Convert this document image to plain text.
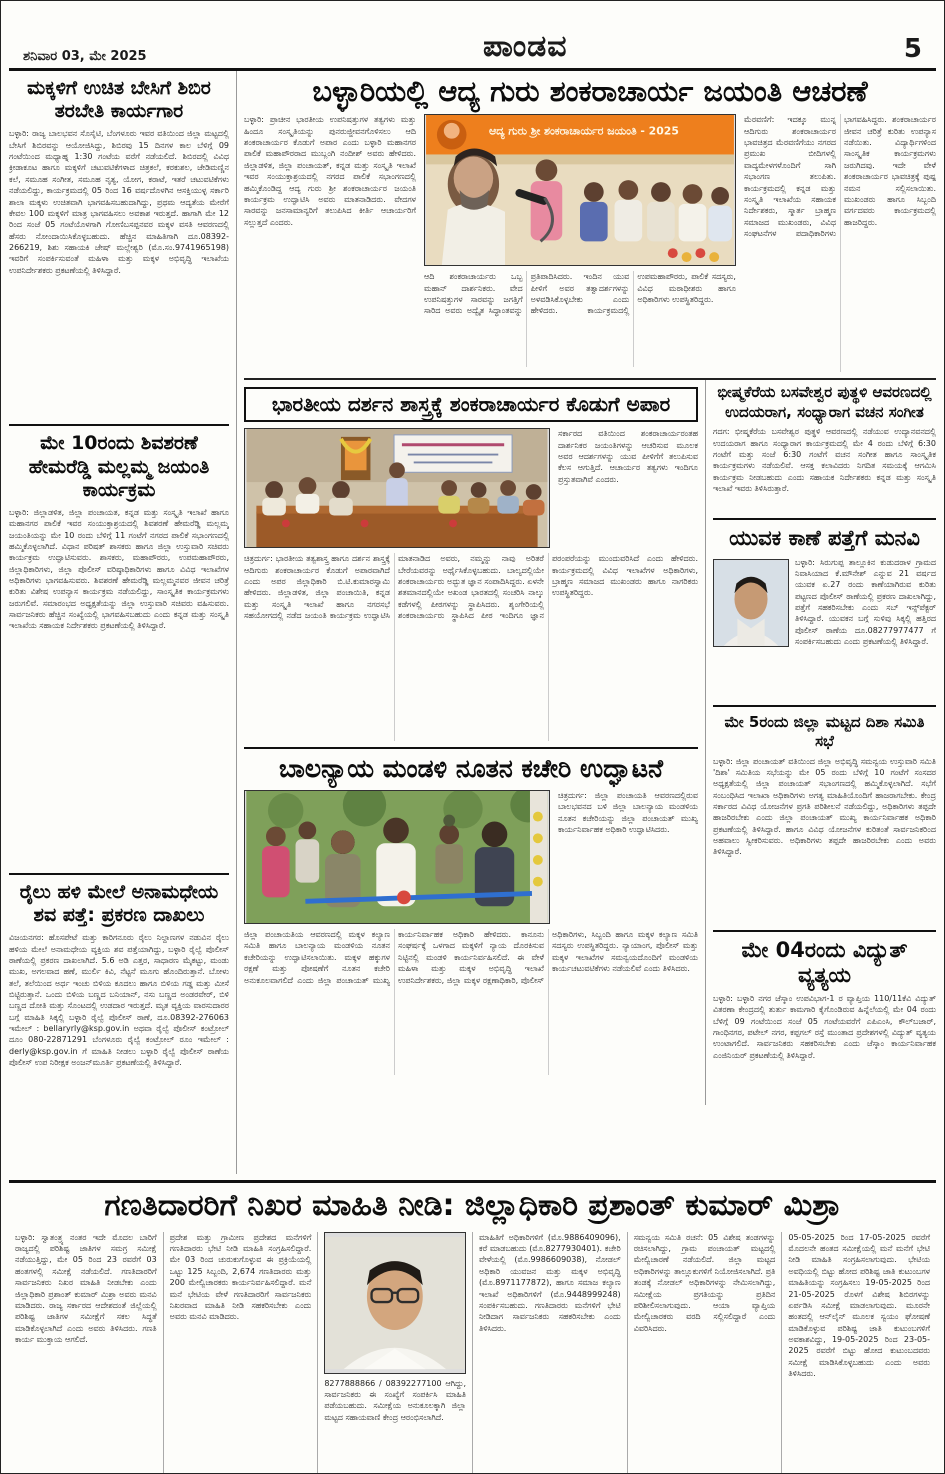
ಶನಿವಾರ 03, ಮೇ 2025	ಪಾಂಡವ	5
ಮಕ್ಕಳಿಗೆ ಉಚಿತ ಬೇಸಿಗೆ ಶಿಬಿರ ತರಬೇತಿ ಕಾರ್ಯಗಾರ
ಬಳ್ಳಾರಿ: ರಾಜ್ಯ ಬಾಲಭವನ ಸೊಸೈಟಿ, ಬೆಂಗಳೂರು ಇವರ ವತಿಯಿಂದ ಜಿಲ್ಲಾ ಮಟ್ಟದಲ್ಲಿ ಬೇಸಿಗೆ ಶಿಬಿರವನ್ನು ಆಯೋಜಿಸಿದ್ದು, ಶಿಬಿರವು 15 ದಿನಗಳ ಕಾಲ ಬೆಳಿಗ್ಗೆ 09 ಗಂಟೆಯಿಂದ ಮಧ್ಯಾಹ್ನ 1:30 ಗಂಟೆಯ ವರೆಗೆ ನಡೆಯಲಿದೆ. ಶಿಬಿರದಲ್ಲಿ ವಿವಿಧ ಕ್ರೀಡಾಕೂಟ ಹಾಗೂ ಮಕ್ಕಳಿಗೆ ಚಟುವಟಿಕೆಗಳಾದ ಚಿತ್ರಕಲೆ, ಕರಕುಶಲ, ಜೇಡಿಮಣ್ಣಿನ ಕಲೆ, ಸಮೂಹ ಸಂಗೀತ, ಸಮೂಹ ನೃತ್ಯ, ಯೋಗ, ಕರಾಟೆ, ಇತರೆ ಚಟುವಟಿಕೆಗಳು ನಡೆಯಲಿದ್ದು, ಕಾರ್ಯಕ್ರಮದಲ್ಲಿ 05 ರಿಂದ 16 ವರ್ಷದೊಳಗಿನ ಆಸಕ್ತಿಯುಳ್ಳ ಸರ್ಕಾರಿ ಶಾಲಾ ಮಕ್ಕಳು ಉಚಿತವಾಗಿ ಭಾಗವಹಿಸಬಹುದಾಗಿದ್ದು, ಪ್ರಥಮ ಆದ್ಯತೆಯ ಮೇರೆಗೆ ಕೇವಲ 100 ಮಕ್ಕಳಿಗೆ ಮಾತ್ರ ಭಾಗವಹಿಸಲು ಅವಕಾಶ ಇರುತ್ತದೆ. ಹಾಗಾಗಿ ಮೇ 12 ರಿಂದ ಸಂಜೆ 05 ಗಂಟೆಯೊಳಗಾಗಿ ಗೋಣಿಬಸಪ್ಪನವರ ಮಕ್ಕಳ ವಸತಿ ಆವರಣದಲ್ಲಿ ಹೆಸರು ನೋಂದಾಯಿಸಿಕೊಳ್ಳಬಹುದು. ಹೆಚ್ಚಿನ ಮಾಹಿತಿಗಾಗಿ ದೂ.08392-266219, ಶಿಶು ಸಹಾಯಕಿ ಜೇಷ್ ಮಲ್ಲೇಶ್ವರಿ (ಮೊ.ಸಂ.9741965198) ಇವರಿಗೆ ಸಂಪರ್ಕಿಸುವಂತೆ ಮಹಿಳಾ ಮತ್ತು ಮಕ್ಕಳ ಅಭಿವೃದ್ಧಿ ಇಲಾಖೆಯ ಉಪನಿರ್ದೇಶಕರು ಪ್ರಕಟಣೆಯಲ್ಲಿ ತಿಳಿಸಿದ್ದಾರೆ.
ಮೇ 10ರಂದು ಶಿವಶರಣೆ ಹೇಮರೆಡ್ಡಿ ಮಲ್ಲಮ್ಮ ಜಯಂತಿ ಕಾರ್ಯಕ್ರಮ
ಬಳ್ಳಾರಿ: ಜಿಲ್ಲಾಡಳಿತ, ಜಿಲ್ಲಾ ಪಂಚಾಯತ, ಕನ್ನಡ ಮತ್ತು ಸಂಸ್ಕೃತಿ ಇಲಾಖೆ ಹಾಗೂ ಮಹಾನಗರ ಪಾಲಿಕೆ ಇವರ ಸಂಯುಕ್ತಾಶ್ರಯದಲ್ಲಿ ಶಿವಶರಣೆ ಹೇಮರೆಡ್ಡಿ ಮಲ್ಲಮ್ಮ ಜಯಂತಿಯನ್ನು ಮೇ 10 ರಂದು ಬೆಳಿಗ್ಗೆ 11 ಗಂಟೆಗೆ ನಗರದ ಪಾಲಿಕೆ ಸಭಾಂಗಣದಲ್ಲಿ ಹಮ್ಮಿಕೊಳ್ಳಲಾಗಿದೆ. ವಿಧಾನ ಪರಿಷತ್ ಶಾಸಕರು ಹಾಗೂ ಜಿಲ್ಲಾ ಉಸ್ತುವಾರಿ ಸಚಿವರು ಕಾರ್ಯಕ್ರಮ ಉದ್ಘಾಟಿಸುವರು. ಶಾಸಕರು, ಮಹಾಪೌರರು, ಉಪಮಹಾಪೌರರು, ಜಿಲ್ಲಾಧಿಕಾರಿಗಳು, ಜಿಲ್ಲಾ ಪೊಲೀಸ್ ವರಿಷ್ಠಾಧಿಕಾರಿಗಳು ಹಾಗೂ ವಿವಿಧ ಇಲಾಖೆಗಳ ಅಧಿಕಾರಿಗಳು ಭಾಗವಹಿಸುವರು. ಶಿವಶರಣೆ ಹೇಮರೆಡ್ಡಿ ಮಲ್ಲಮ್ಮನವರ ಜೀವನ ಚರಿತ್ರೆ ಕುರಿತು ವಿಶೇಷ ಉಪನ್ಯಾಸ ಕಾರ್ಯಕ್ರಮ ನಡೆಯಲಿದ್ದು, ಸಾಂಸ್ಕೃತಿಕ ಕಾರ್ಯಕ್ರಮಗಳು ಜರುಗಲಿವೆ. ಸಮಾರಂಭದ ಅಧ್ಯಕ್ಷತೆಯನ್ನು ಜಿಲ್ಲಾ ಉಸ್ತುವಾರಿ ಸಚಿವರು ವಹಿಸುವರು. ಸಾರ್ವಜನಿಕರು ಹೆಚ್ಚಿನ ಸಂಖ್ಯೆಯಲ್ಲಿ ಭಾಗವಹಿಸಬಹುದು ಎಂದು ಕನ್ನಡ ಮತ್ತು ಸಂಸ್ಕೃತಿ ಇಲಾಖೆಯ ಸಹಾಯಕ ನಿರ್ದೇಶಕರು ಪ್ರಕಟಣೆಯಲ್ಲಿ ತಿಳಿಸಿದ್ದಾರೆ.
ರೈಲು ಹಳಿ ಮೇಲೆ ಅನಾಮಧೇಯ ಶವ ಪತ್ತೆ: ಪ್ರಕರಣ ದಾಖಲು
ವಿಜಯನಗರ: ಹೊಸಪೇಟೆ ಮತ್ತು ಕಾರಿಗನೂರು ರೈಲು ನಿಲ್ದಾಣಗಳ ನಡುವಿನ ರೈಲು ಹಳಿಯ ಮೇಲೆ ಅನಾಮಧೇಯ ವ್ಯಕ್ತಿಯ ಶವ ಪತ್ತೆಯಾಗಿದ್ದು, ಬಳ್ಳಾರಿ ರೈಲ್ವೆ ಪೊಲೀಸ್ ಠಾಣೆಯಲ್ಲಿ ಪ್ರಕರಣ ದಾಖಲಾಗಿದೆ. 5.6 ಅಡಿ ಎತ್ತರ, ಸಾಧಾರಣ ಮೈಕಟ್ಟು, ಮಂಡು ಮುಖ, ಅಗಲವಾದ ಹಣೆ, ಮುರ್ಲಿ ಕಿವಿ, ನೆಟ್ಟನೆ ಮೂಗು ಹೊಂದಿರುತ್ತಾನೆ. ಬೋಳು ತಲೆ, ತಲೆಯಿಂದ ಅರ್ಧ ಇಂಚು ಬಿಳಿಯ ಕೂದಲು ಹಾಗೂ ಬಿಳಿಯ ಗಡ್ಡ ಮತ್ತು ಮೀಸೆ ಬಿಟ್ಟಿರುತ್ತಾನೆ. ಒಂದು ಬಿಳಿಯ ಬಣ್ಣದ ಬನಿಯಾನ್, ನಸು ಬಣ್ಣದ ಅಂಡರವೇರ್, ಬಿಳಿ ಬಣ್ಣದ ದೋತಿ ಮತ್ತು ಸೊಂಟದಲ್ಲಿ ಉಡದಾರ ಇರುತ್ತದೆ. ಮೃತ ವ್ಯಕ್ತಿಯ ವಾರಸುದಾರರ ಬಗ್ಗೆ ಮಾಹಿತಿ ಸಿಕ್ಕಲ್ಲಿ ಬಳ್ಳಾರಿ ರೈಲ್ವೆ ಪೊಲೀಸ್ ಠಾಣೆ, ದೂ.08392-276063 ಇಮೇಲ್ : bellaryrly@ksp.gov.in ಅಥವಾ ರೈಲ್ವೆ ಪೊಲೀಸ್ ಕಂಟ್ರೋಲ್ ದೂಂ 080-22871291 ಬೆಂಗಳೂರು ರೈಲ್ವೆ ಕಂಟ್ರೋಲ್ ರೂಂ ಇಮೇಲ್ : derly@ksp.gov.in ಗೆ ಮಾಹಿತಿ ನೀಡಲು ಬಳ್ಳಾರಿ ರೈಲ್ವೆ ಪೊಲೀಸ್ ಠಾಣೆಯ ಪೊಲೀಸ್ ಉಪ ನಿರೀಕ್ಷಕ ಅಂಜನ್‌ಮೂರ್ತಿ ಪ್ರಕಟಣೆಯಲ್ಲಿ ತಿಳಿಸಿದ್ದಾರೆ.
ಬಳ್ಳಾರಿಯಲ್ಲಿ ಆದ್ಯ ಗುರು ಶಂಕರಾಚಾರ್ಯ ಜಯಂತಿ ಆಚರಣೆ
ಬಳ್ಳಾರಿ: ಪ್ರಾಚೀನ ಭಾರತೀಯ ಉಪನಿಷತ್ತುಗಳ ತತ್ವಗಳು ಮತ್ತು ಹಿಂದೂ ಸಂಸ್ಕೃತಿಯನ್ನು ಪುನರುಜ್ಜೀವನಗೊಳಿಸಲು ಆದಿ ಶಂಕರಾಚಾರ್ಯರ ಕೊಡುಗೆ ಅಪಾರ ಎಂದು ಬಳ್ಳಾರಿ ಮಹಾನಗರ ಪಾಲಿಕೆ ಮಹಾಪೌರರಾದ ಮುಬ್ಲಂಗಿ ನಂದೀಶ್ ಅವರು ಹೇಳಿದರು. ಜಿಲ್ಲಾಡಳಿತ, ಜಿಲ್ಲಾ ಪಂಚಾಯತ್, ಕನ್ನಡ ಮತ್ತು ಸಂಸ್ಕೃತಿ ಇಲಾಖೆ ಇವರ ಸಂಯುಕ್ತಾಶ್ರಯದಲ್ಲಿ ನಗರದ ಪಾಲಿಕೆ ಸಭಾಂಗಣದಲ್ಲಿ ಹಮ್ಮಿಕೊಂಡಿದ್ದ ಆದ್ಯ ಗುರು ಶ್ರೀ ಶಂಕರಾಚಾರ್ಯರ ಜಯಂತಿ ಕಾರ್ಯಕ್ರಮ ಉದ್ಘಾಟಿಸಿ ಅವರು ಮಾತನಾಡಿದರು. ವೇದಗಳ ಸಾರವನ್ನು ಜನಸಾಮಾನ್ಯರಿಗೆ ತಲುಪಿಸಿದ ಕೀರ್ತಿ ಆಚಾರ್ಯರಿಗೆ ಸಲ್ಲುತ್ತದೆ ಎಂದರು.
ಆದ್ಯ ಗುರು ಶ್ರೀ ಶಂಕರಾಚಾರ್ಯರ ಜಯಂತಿ - 2025
ಆದಿ ಶಂಕರಾಚಾರ್ಯರು ಒಬ್ಬ ಮಹಾನ್ ದಾರ್ಶನಿಕರು. ವೇದ ಉಪನಿಷತ್ತುಗಳ ಸಾರವನ್ನು ಜಗತ್ತಿಗೆ ಸಾರಿದ ಅವರು ಅದ್ವೈತ ಸಿದ್ಧಾಂತವನ್ನು ಪ್ರತಿಪಾದಿಸಿದರು. ಇಂದಿನ ಯುವ ಪೀಳಿಗೆ ಅವರ ತತ್ವಾದರ್ಶಗಳನ್ನು ಅಳವಡಿಸಿಕೊಳ್ಳಬೇಕು ಎಂದು ಹೇಳಿದರು. ಕಾರ್ಯಕ್ರಮದಲ್ಲಿ ಉಪಮಹಾಪೌರರು, ಪಾಲಿಕೆ ಸದಸ್ಯರು, ವಿವಿಧ ಮಠಾಧೀಶರು ಹಾಗೂ ಅಧಿಕಾರಿಗಳು ಉಪಸ್ಥಿತರಿದ್ದರು.
ಮೆರವಣಿಗೆ: ಇದಕ್ಕೂ ಮುನ್ನ ಆದಿಗುರು ಶಂಕರಾಚಾರ್ಯರ ಭಾವಚಿತ್ರದ ಮೆರವಣಿಗೆಯು ನಗರದ ಪ್ರಮುಖ ಬೀದಿಗಳಲ್ಲಿ ವಾದ್ಯಮೇಳಗಳೊಂದಿಗೆ ಸಾಗಿ ಸಭಾಂಗಣ ತಲುಪಿತು. ಕಾರ್ಯಕ್ರಮದಲ್ಲಿ ಕನ್ನಡ ಮತ್ತು ಸಂಸ್ಕೃತಿ ಇಲಾಖೆಯ ಸಹಾಯಕ ನಿರ್ದೇಶಕರು, ಸ್ಮಾರ್ತ ಬ್ರಾಹ್ಮಣ ಸಮಾಜದ ಮುಖಂಡರು, ವಿವಿಧ ಸಂಘಟನೆಗಳ ಪದಾಧಿಕಾರಿಗಳು ಭಾಗವಹಿಸಿದ್ದರು. ಶಂಕರಾಚಾರ್ಯರ ಜೀವನ ಚರಿತ್ರೆ ಕುರಿತು ಉಪನ್ಯಾಸ ನಡೆಯಿತು. ವಿದ್ಯಾರ್ಥಿಗಳಿಂದ ಸಾಂಸ್ಕೃತಿಕ ಕಾರ್ಯಕ್ರಮಗಳು ಜರುಗಿದವು. ಇದೇ ವೇಳೆ ಶಂಕರಾಚಾರ್ಯರ ಭಾವಚಿತ್ರಕ್ಕೆ ಪುಷ್ಪ ನಮನ ಸಲ್ಲಿಸಲಾಯಿತು. ಮುಖಂಡರು ಹಾಗೂ ಸಿಬ್ಬಂದಿ ವರ್ಗದವರು ಕಾರ್ಯಕ್ರಮದಲ್ಲಿ ಹಾಜರಿದ್ದರು.
ಭಾರತೀಯ ದರ್ಶನ ಶಾಸ್ತ್ರಕ್ಕೆ ಶಂಕರಾಚಾರ್ಯರ ಕೊಡುಗೆ ಅಪಾರ
ಸರ್ಕಾರದ ವತಿಯಿಂದ ಶಂಕರಾಚಾರ್ಯರಂತಹ ದಾರ್ಶನಿಕರ ಜಯಂತಿಗಳನ್ನು ಆಚರಿಸುವ ಮೂಲಕ ಅವರ ಆದರ್ಶಗಳನ್ನು ಯುವ ಪೀಳಿಗೆಗೆ ತಲುಪಿಸುವ ಕೆಲಸ ಆಗುತ್ತಿದೆ. ಆಚಾರ್ಯರ ತತ್ವಗಳು ಇಂದಿಗೂ ಪ್ರಸ್ತುತವಾಗಿವೆ ಎಂದರು.
ಚಿತ್ರದುರ್ಗ: ಭಾರತೀಯ ತತ್ವಶಾಸ್ತ್ರ ಹಾಗೂ ದರ್ಶನ ಶಾಸ್ತ್ರಕ್ಕೆ ಆದಿಗುರು ಶಂಕರಾಚಾರ್ಯರ ಕೊಡುಗೆ ಅಪಾರವಾಗಿದೆ ಎಂದು ಅಪರ ಜಿಲ್ಲಾಧಿಕಾರಿ ಬಿ.ಟಿ.ಕುಮಾರಸ್ವಾಮಿ ಹೇಳಿದರು. ಜಿಲ್ಲಾಡಳಿತ, ಜಿಲ್ಲಾ ಪಂಚಾಯಿತಿ, ಕನ್ನಡ ಮತ್ತು ಸಂಸ್ಕೃತಿ ಇಲಾಖೆ ಹಾಗೂ ನಗರಸಭೆ ಸಹಯೋಗದಲ್ಲಿ ನಡೆದ ಜಯಂತಿ ಕಾರ್ಯಕ್ರಮ ಉದ್ಘಾಟಿಸಿ ಮಾತನಾಡಿದ ಅವರು, ನಮ್ಮನ್ನು ನಾವು ಅರಿತರೆ ಬೇರೆಯವರನ್ನು ಅರ್ಥೈಸಿಕೊಳ್ಳಬಹುದು. ಬಾಲ್ಯದಲ್ಲಿಯೇ ಶಂಕರಾಚಾರ್ಯರು ಅದ್ಭುತ ಜ್ಞಾನ ಸಂಪಾದಿಸಿದ್ದರು. ಏಳನೇ ಶತಮಾನದಲ್ಲಿಯೇ ಅಖಂಡ ಭಾರತದಲ್ಲಿ ಸಂಚರಿಸಿ ನಾಲ್ಕು ಕಡೆಗಳಲ್ಲಿ ಪೀಠಗಳನ್ನು ಸ್ಥಾಪಿಸಿದರು. ಶೃಂಗೇರಿಯಲ್ಲಿ ಶಂಕರಾಚಾರ್ಯರು ಸ್ಥಾಪಿಸಿದ ಪೀಠ ಇಂದಿಗೂ ಜ್ಞಾನ ಪರಂಪರೆಯನ್ನು ಮುಂದುವರಿಸಿದೆ ಎಂದು ಹೇಳಿದರು. ಕಾರ್ಯಕ್ರಮದಲ್ಲಿ ವಿವಿಧ ಇಲಾಖೆಗಳ ಅಧಿಕಾರಿಗಳು, ಬ್ರಾಹ್ಮಣ ಸಮಾಜದ ಮುಖಂಡರು ಹಾಗೂ ನಾಗರಿಕರು ಉಪಸ್ಥಿತರಿದ್ದರು.
ಬಾಲನ್ಯಾಯ ಮಂಡಳಿ ನೂತನ ಕಚೇರಿ ಉದ್ಘಾಟನೆ
ಚಿತ್ರದುರ್ಗ: ಜಿಲ್ಲಾ ಪಂಚಾಯತಿ ಆವರಣದಲ್ಲಿರುವ ಬಾಲಭವನದ ಬಳಿ ಜಿಲ್ಲಾ ಬಾಲನ್ಯಾಯ ಮಂಡಳಿಯ ನೂತನ ಕಚೇರಿಯನ್ನು ಜಿಲ್ಲಾ ಪಂಚಾಯತ್ ಮುಖ್ಯ ಕಾರ್ಯನಿರ್ವಾಹಕ ಅಧಿಕಾರಿ ಉದ್ಘಾಟಿಸಿದರು.
ಜಿಲ್ಲಾ ಪಂಚಾಯತಿಯ ಆವರಣದಲ್ಲಿ ಮಕ್ಕಳ ಕಲ್ಯಾಣ ಸಮಿತಿ ಹಾಗೂ ಬಾಲನ್ಯಾಯ ಮಂಡಳಿಯ ನೂತನ ಕಚೇರಿಯನ್ನು ಉದ್ಘಾಟಿಸಲಾಯಿತು. ಮಕ್ಕಳ ಹಕ್ಕುಗಳ ರಕ್ಷಣೆ ಮತ್ತು ಪೋಷಣೆಗೆ ನೂತನ ಕಚೇರಿ ಅನುಕೂಲವಾಗಲಿದೆ ಎಂದು ಜಿಲ್ಲಾ ಪಂಚಾಯತ್ ಮುಖ್ಯ ಕಾರ್ಯನಿರ್ವಾಹಕ ಅಧಿಕಾರಿ ಹೇಳಿದರು. ಕಾನೂನು ಸಂಘರ್ಷಕ್ಕೆ ಒಳಗಾದ ಮಕ್ಕಳಿಗೆ ನ್ಯಾಯ ದೊರಕಿಸುವ ನಿಟ್ಟಿನಲ್ಲಿ ಮಂಡಳಿ ಕಾರ್ಯನಿರ್ವಹಿಸಲಿದೆ. ಈ ವೇಳೆ ಮಹಿಳಾ ಮತ್ತು ಮಕ್ಕಳ ಅಭಿವೃದ್ಧಿ ಇಲಾಖೆ ಉಪನಿರ್ದೇಶಕರು, ಜಿಲ್ಲಾ ಮಕ್ಕಳ ರಕ್ಷಣಾಧಿಕಾರಿ, ಪೊಲೀಸ್ ಅಧಿಕಾರಿಗಳು, ಸಿಬ್ಬಂದಿ ಹಾಗೂ ಮಕ್ಕಳ ಕಲ್ಯಾಣ ಸಮಿತಿ ಸದಸ್ಯರು ಉಪಸ್ಥಿತರಿದ್ದರು. ನ್ಯಾಯಾಂಗ, ಪೊಲೀಸ್ ಮತ್ತು ಮಕ್ಕಳ ಇಲಾಖೆಗಳ ಸಮನ್ವಯದೊಂದಿಗೆ ಮಂಡಳಿಯ ಕಾರ್ಯಚಟುವಟಿಕೆಗಳು ನಡೆಯಲಿವೆ ಎಂದು ತಿಳಿಸಿದರು.
ಭೀಷ್ಮಕೆರೆಯ ಬಸವೇಶ್ವರ ಪುತ್ಥಳಿ ಆವರಣದಲ್ಲಿ ಉದಯರಾಗ, ಸಂಧ್ಯಾರಾಗ ವಚನ ಸಂಗೀತ
ಗದಗ: ಭೀಷ್ಮಕೆರೆಯ ಬಸವೇಶ್ವರ ಪುತ್ಥಳಿ ಆವರಣದಲ್ಲಿ ನಡೆಯುವ ಉದ್ಯಾನವನದಲ್ಲಿ ಉದಯರಾಗ ಹಾಗೂ ಸಂಧ್ಯಾರಾಗ ಕಾರ್ಯಕ್ರಮದಲ್ಲಿ ಮೇ 4 ರಂದು ಬೆಳಿಗ್ಗೆ 6:30 ಗಂಟೆಗೆ ಮತ್ತು ಸಂಜೆ 6:30 ಗಂಟೆಗೆ ವಚನ ಸಂಗೀತ ಹಾಗೂ ಸಾಂಸ್ಕೃತಿಕ ಕಾರ್ಯಕ್ರಮಗಳು ನಡೆಯಲಿವೆ. ಆಸಕ್ತ ಕಲಾವಿದರು ನಿಗದಿತ ಸಮಯಕ್ಕೆ ಆಗಮಿಸಿ ಕಾರ್ಯಕ್ರಮ ನೀಡಬಹುದು ಎಂದು ಸಹಾಯಕ ನಿರ್ದೇಶಕರು ಕನ್ನಡ ಮತ್ತು ಸಂಸ್ಕೃತಿ ಇಲಾಖೆ ಇವರು ತಿಳಿಸಿರುತ್ತಾರೆ.
ಯುವಕ ಕಾಣೆ ಪತ್ತೆಗೆ ಮನವಿ
ಬಳ್ಳಾರಿ: ಸಿರುಗುಪ್ಪ ತಾಲ್ಲೂಕಿನ ಕುಡುದರಾಳ ಗ್ರಾಮದ ನಿವಾಸಿಯಾದ ಕೆ.ಮೌನೇಶ್ ಎನ್ನುವ 21 ವರ್ಷದ ಯುವಕ ಏ.27 ರಂದು ಕಾಣೆಯಾಗಿರುವ ಕುರಿತು ಪಟ್ಟಣದ ಪೊಲೀಸ್ ಠಾಣೆಯಲ್ಲಿ ಪ್ರಕರಣ ದಾಖಲಾಗಿದ್ದು, ಪತ್ತೆಗೆ ಸಹಕರಿಸಬೇಕು ಎಂದು ಸಬ್ ಇನ್ಸ್‌ಪೆಕ್ಟರ್ ತಿಳಿಸಿದ್ದಾರೆ. ಯುವಕನ ಬಗ್ಗೆ ಸುಳಿವು ಸಿಕ್ಕಲ್ಲಿ ಹತ್ತಿರದ ಪೊಲೀಸ್ ಠಾಣೆಯ ದೂ.08277977477 ಗೆ ಸಂಪರ್ಕಿಸಬಹುದು ಎಂದು ಪ್ರಕಟಣೆಯಲ್ಲಿ ತಿಳಿಸಿದ್ದಾರೆ.
ಮೇ 5ರಂದು ಜಿಲ್ಲಾ ಮಟ್ಟದ ದಿಶಾ ಸಮಿತಿ ಸಭೆ
ಬಳ್ಳಾರಿ: ಜಿಲ್ಲಾ ಪಂಚಾಯತ್ ವತಿಯಿಂದ ಜಿಲ್ಲಾ ಅಭಿವೃದ್ಧಿ ಸಮನ್ವಯ ಉಸ್ತುವಾರಿ ಸಮಿತಿ 'ದಿಶಾ' ಸಮಿತಿಯ ಸಭೆಯನ್ನು ಮೇ 05 ರಂದು ಬೆಳಿಗ್ಗೆ 10 ಗಂಟೆಗೆ ಸಂಸದರ ಅಧ್ಯಕ್ಷತೆಯಲ್ಲಿ ಜಿಲ್ಲಾ ಪಂಚಾಯತ್ ಸಭಾಂಗಣದಲ್ಲಿ ಹಮ್ಮಿಕೊಳ್ಳಲಾಗಿದೆ. ಸಭೆಗೆ ಸಂಬಂಧಿಸಿದ ಇಲಾಖಾ ಅಧಿಕಾರಿಗಳು ಅಗತ್ಯ ಮಾಹಿತಿಯೊಂದಿಗೆ ಹಾಜರಾಗಬೇಕು. ಕೇಂದ್ರ ಸರ್ಕಾರದ ವಿವಿಧ ಯೋಜನೆಗಳ ಪ್ರಗತಿ ಪರಿಶೀಲನೆ ನಡೆಯಲಿದ್ದು, ಅಧಿಕಾರಿಗಳು ತಪ್ಪದೇ ಹಾಜರಿರಬೇಕು ಎಂದು ಜಿಲ್ಲಾ ಪಂಚಾಯತ್ ಮುಖ್ಯ ಕಾರ್ಯನಿರ್ವಾಹಕ ಅಧಿಕಾರಿ ಪ್ರಕಟಣೆಯಲ್ಲಿ ತಿಳಿಸಿದ್ದಾರೆ. ಹಾಗೂ ವಿವಿಧ ಯೋಜನೆಗಳ ಕುರಿತಂತೆ ಸಾರ್ವಜನಿಕರಿಂದ ಅಹವಾಲು ಸ್ವೀಕರಿಸುವರು. ಅಧಿಕಾರಿಗಳು ತಪ್ಪದೇ ಹಾಜರಿರಬೇಕು ಎಂದು ಅವರು ತಿಳಿಸಿದ್ದಾರೆ.
ಮೇ 04ರಂದು ವಿದ್ಯುತ್ ವ್ಯತ್ಯಯ
ಬಳ್ಳಾರಿ: ಬಳ್ಳಾರಿ ನಗರ ಜೆಸ್ಕಾಂ ಉಪವಿಭಾಗ-1 ರ ವ್ಯಾಪ್ತಿಯ 110/11ಕೆವಿ ವಿದ್ಯುತ್ ವಿತರಣಾ ಕೇಂದ್ರದಲ್ಲಿ ತುರ್ತು ಕಾಮಗಾರಿ ಕೈಗೊಂಡಿರುವ ಹಿನ್ನೆಲೆಯಲ್ಲಿ ಮೇ 04 ರಂದು ಬೆಳಿಗ್ಗೆ 09 ಗಂಟೆಯಿಂದ ಸಂಜೆ 05 ಗಂಟೆಯವರೆಗೆ ಎಪಿಎಂಸಿ, ಕೌಲ್‌ಬಜಾರ್, ಗಾಂಧಿನಗರ, ಪಟೇಲ್ ನಗರ, ಕಪ್ಪಗಲ್ ರಸ್ತೆ ಮುಂತಾದ ಪ್ರದೇಶಗಳಲ್ಲಿ ವಿದ್ಯುತ್ ವ್ಯತ್ಯಯ ಉಂಟಾಗಲಿದೆ. ಸಾರ್ವಜನಿಕರು ಸಹಕರಿಸಬೇಕು ಎಂದು ಜೆಸ್ಕಾಂ ಕಾರ್ಯನಿರ್ವಾಹಕ ಎಂಜಿನಿಯರ್ ಪ್ರಕಟಣೆಯಲ್ಲಿ ತಿಳಿಸಿದ್ದಾರೆ.
ಗಣತಿದಾರರಿಗೆ ನಿಖರ ಮಾಹಿತಿ ನೀಡಿ: ಜಿಲ್ಲಾಧಿಕಾರಿ ಪ್ರಶಾಂತ್ ಕುಮಾರ್ ಮಿಶ್ರಾ
ಬಳ್ಳಾರಿ: ಸ್ವಾತಂತ್ರ್ಯ ನಂತರ ಇದೇ ಮೊದಲ ಬಾರಿಗೆ ರಾಜ್ಯದಲ್ಲಿ ಪರಿಶಿಷ್ಟ ಜಾತಿಗಳ ಸಮಗ್ರ ಸಮೀಕ್ಷೆ ನಡೆಯುತ್ತಿದ್ದು, ಮೇ 05 ರಿಂದ 23 ರವರೆಗೆ 03 ಹಂತಗಳಲ್ಲಿ ಸಮೀಕ್ಷೆ ನಡೆಯಲಿದೆ. ಗಣತಿದಾರರಿಗೆ ಸಾರ್ವಜನಿಕರು ನಿಖರ ಮಾಹಿತಿ ನೀಡಬೇಕು ಎಂದು ಜಿಲ್ಲಾಧಿಕಾರಿ ಪ್ರಶಾಂತ್ ಕುಮಾರ್ ಮಿಶ್ರಾ ಅವರು ಮನವಿ ಮಾಡಿದರು. ರಾಜ್ಯ ಸರ್ಕಾರದ ಆದೇಶದಂತೆ ಜಿಲ್ಲೆಯಲ್ಲಿ ಪರಿಶಿಷ್ಟ ಜಾತಿಗಳ ಸಮೀಕ್ಷೆಗೆ ಸಕಲ ಸಿದ್ಧತೆ ಮಾಡಿಕೊಳ್ಳಲಾಗಿದೆ ಎಂದು ಅವರು ತಿಳಿಸಿದರು. ಗಣತಿ ಕಾರ್ಯ ಮುಕ್ತಾಯ ಆಗಲಿದೆ.
ಪ್ರದೇಶ ಮತ್ತು ಗ್ರಾಮೀಣ ಪ್ರದೇಶದ ಮನೆಗಳಿಗೆ ಗಣತಿದಾರರು ಭೇಟಿ ನೀಡಿ ಮಾಹಿತಿ ಸಂಗ್ರಹಿಸಲಿದ್ದಾರೆ. ಮೇ 03 ರಿಂದ ಚುರುಕುಗೊಳ್ಳುವ ಈ ಪ್ರಕ್ರಿಯೆಯಲ್ಲಿ ಒಟ್ಟು 125 ಸಿಬ್ಬಂದಿ, 2,674 ಗಣತಿದಾರರು ಮತ್ತು 200 ಮೇಲ್ವಿಚಾರಕರು ಕಾರ್ಯನಿರ್ವಹಿಸಲಿದ್ದಾರೆ. ಮನೆ ಮನೆ ಭೇಟಿಯ ವೇಳೆ ಗಣತಿದಾರರಿಗೆ ಸಾರ್ವಜನಿಕರು ನಿಖರವಾದ ಮಾಹಿತಿ ನೀಡಿ ಸಹಕರಿಸಬೇಕು ಎಂದು ಅವರು ಮನವಿ ಮಾಡಿದರು.
8277888866 / 08392277100 ಆಗಿದ್ದು, ಸಾರ್ವಜನಿಕರು ಈ ಸಂಖ್ಯೆಗೆ ಸಂಪರ್ಕಿಸಿ ಮಾಹಿತಿ ಪಡೆಯಬಹುದು. ಸಮೀಕ್ಷೆಯ ಅನುಕೂಲಕ್ಕಾಗಿ ಜಿಲ್ಲಾ ಮಟ್ಟದ ಸಹಾಯವಾಣಿ ಕೇಂದ್ರ ಆರಂಭಿಸಲಾಗಿದೆ.
ಮಾಹಿತಿಗೆ ಅಧಿಕಾರಿಗಳಿಗೆ (ಮೊ.9886409096), ಕರೆ ಮಾಡಬಹುದು (ಮೊ.8277930401). ಕಚೇರಿ ವೇಳೆಯಲ್ಲಿ (ಮೊ.9986609038), ನೋಡಲ್ ಅಧಿಕಾರಿ ಯುವಜನ ಮತ್ತು ಮಕ್ಕಳ ಅಭಿವೃದ್ಧಿ (ಮೊ.8971177872), ಹಾಗೂ ಸಮಾಜ ಕಲ್ಯಾಣ ಇಲಾಖೆ ಅಧಿಕಾರಿಗಳಿಗೆ (ಮೊ.9448999248) ಸಂಪರ್ಕಿಸಬಹುದು. ಗಣತಿದಾರರು ಮನೆಗಳಿಗೆ ಭೇಟಿ ನೀಡಿದಾಗ ಸಾರ್ವಜನಿಕರು ಸಹಕರಿಸಬೇಕು ಎಂದು ತಿಳಿಸಿದರು.
ಸಮನ್ವಯ ಸಮಿತಿ ರಚನೆ: 05 ವಿಶೇಷ ತಂಡಗಳನ್ನು ರಚಿಸಲಾಗಿದ್ದು, ಗ್ರಾಮ ಪಂಚಾಯತ್ ಮಟ್ಟದಲ್ಲಿ ಮೇಲ್ವಿಚಾರಣೆ ನಡೆಯಲಿದೆ. ಜಿಲ್ಲಾ ಮಟ್ಟದ ಅಧಿಕಾರಿಗಳನ್ನು ತಾಲ್ಲೂಕುಗಳಿಗೆ ನಿಯೋಜಿಸಲಾಗಿದೆ. ಪ್ರತಿ ತಂಡಕ್ಕೆ ನೋಡಲ್ ಅಧಿಕಾರಿಗಳನ್ನು ನೇಮಿಸಲಾಗಿದ್ದು, ಸಮೀಕ್ಷೆಯ ಪ್ರಗತಿಯನ್ನು ಪ್ರತಿದಿನ ಪರಿಶೀಲಿಸಲಾಗುವುದು. ಆಯಾ ವ್ಯಾಪ್ತಿಯ ಮೇಲ್ವಿಚಾರಕರು ವರದಿ ಸಲ್ಲಿಸಲಿದ್ದಾರೆ ಎಂದು ವಿವರಿಸಿದರು.
05-05-2025 ರಿಂದ 17-05-2025 ರವರೆಗೆ ಮೊದಲನೇ ಹಂತದ ಸಮೀಕ್ಷೆಯಲ್ಲಿ ಮನೆ ಮನೆಗೆ ಭೇಟಿ ನೀಡಿ ಮಾಹಿತಿ ಸಂಗ್ರಹಿಸಲಾಗುವುದು. ಭೇಟಿಯ ಅವಧಿಯಲ್ಲಿ ಬಿಟ್ಟು ಹೋದ ಪರಿಶಿಷ್ಟ ಜಾತಿ ಕುಟುಂಬಗಳ ಮಾಹಿತಿಯನ್ನು ಸಂಗ್ರಹಿಸಲು 19-05-2025 ರಿಂದ 21-05-2025 ರೊಳಗೆ ವಿಶೇಷ ಶಿಬಿರಗಳನ್ನು ಏರ್ಪಡಿಸಿ ಸಮೀಕ್ಷೆ ಮಾಡಲಾಗುವುದು. ಮೂರನೇ ಹಂತದಲ್ಲಿ ಆನ್‌ಲೈನ್ ಮೂಲಕ ಸ್ವಯಂ ಘೋಷಣೆ ಮಾಡಿಕೊಳ್ಳುವ ಪರಿಶಿಷ್ಟ ಜಾತಿ ಕುಟುಂಬಗಳಿಗೆ ಅವಕಾಶವಿದ್ದು, 19-05-2025 ರಿಂದ 23-05-2025 ರವರೆಗೆ ಬಿಟ್ಟು ಹೋದ ಕುಟುಂಬದವರು ಸಮೀಕ್ಷೆ ಮಾಡಿಸಿಕೊಳ್ಳಬಹುದು ಎಂದು ಅವರು ತಿಳಿಸಿದರು.
